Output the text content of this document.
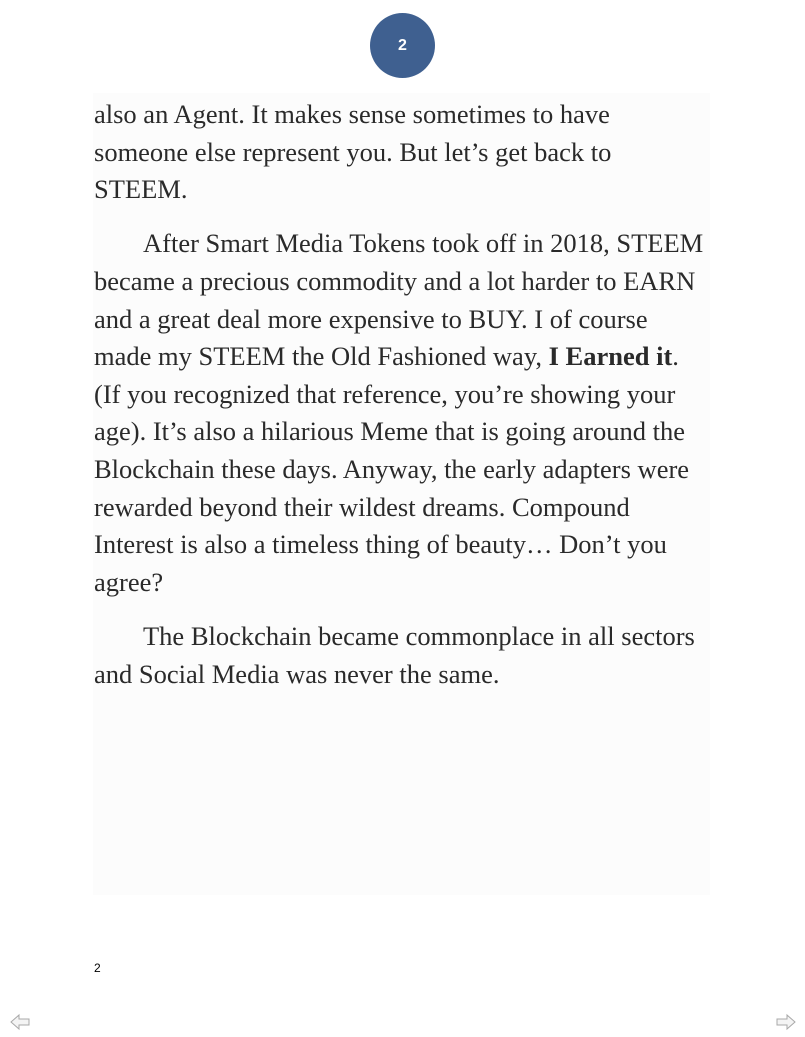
2

also an Agent. It makes sense sometimes to have someone else represent you. But let’s get back to STEEM.

After Smart Media Tokens took off in 2018, STEEM became a precious commodity and a lot harder to EARN and a great deal more expensive to BUY. I of course made my STEEM the Old Fashioned way, I Earned it. (If you recognized that reference, you’re showing your age). It’s also a hilarious Meme that is going around the Blockchain these days. Anyway, the early adapters were rewarded beyond their wildest dreams. Compound Interest is also a timeless thing of beauty… Don’t you agree?

The Blockchain became commonplace in all sectors and Social Media was never the same.

2
